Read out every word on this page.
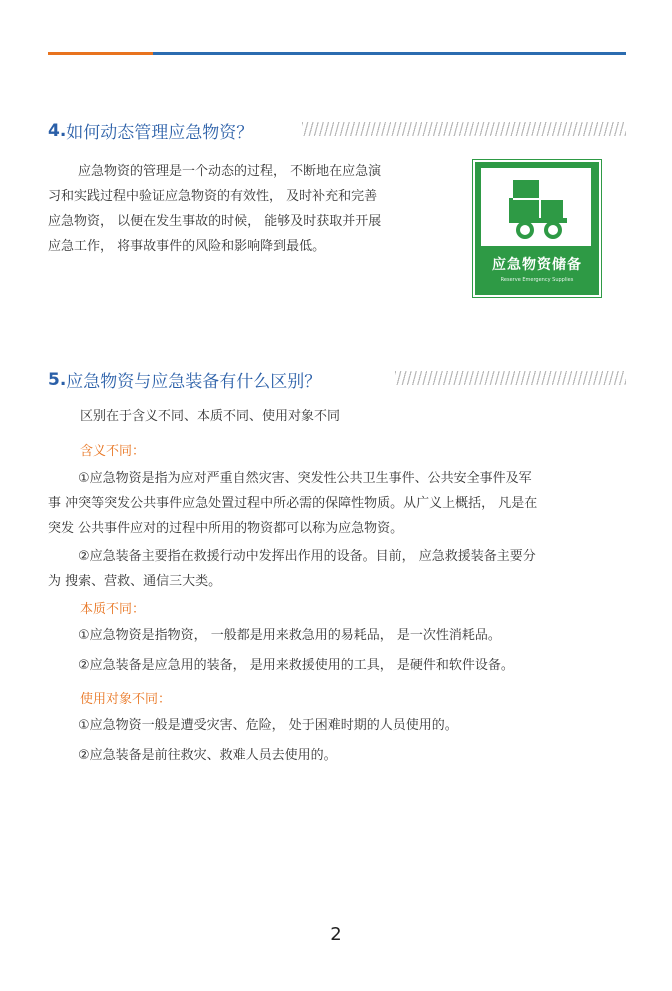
4. 如何动态管理应急物资？
应急物资的管理是一个动态的过程， 不断地在应急演
习和实践过程中验证应急物资的有效性， 及时补充和完善
应急物资， 以便在发生事故的时候， 能够及时获取并开展
应急工作， 将事故事件的风险和影响降到最低。
应急物资储备
Reserve Emergency Supplies
5. 应急物资与应急装备有什么区别？
区别在于含义不同、本质不同、使用对象不同
含义不同：
①应急物资是指为应对严重自然灾害、突发性公共卫生事件、公共安全事件及军
事 冲突等突发公共事件应急处置过程中所必需的保障性物质。从广义上概括， 凡是在
突发 公共事件应对的过程中所用的物资都可以称为应急物资。
②应急装备主要指在救援行动中发挥出作用的设备。目前， 应急救援装备主要分
为 搜索、营救、通信三大类。
本质不同：
①应急物资是指物资， 一般都是用来救急用的易耗品， 是一次性消耗品。
②应急装备是应急用的装备， 是用来救援使用的工具， 是硬件和软件设备。
使用对象不同：
①应急物资一般是遭受灾害、危险， 处于困难时期的人员使用的。
②应急装备是前往救灾、救难人员去使用的。
2
